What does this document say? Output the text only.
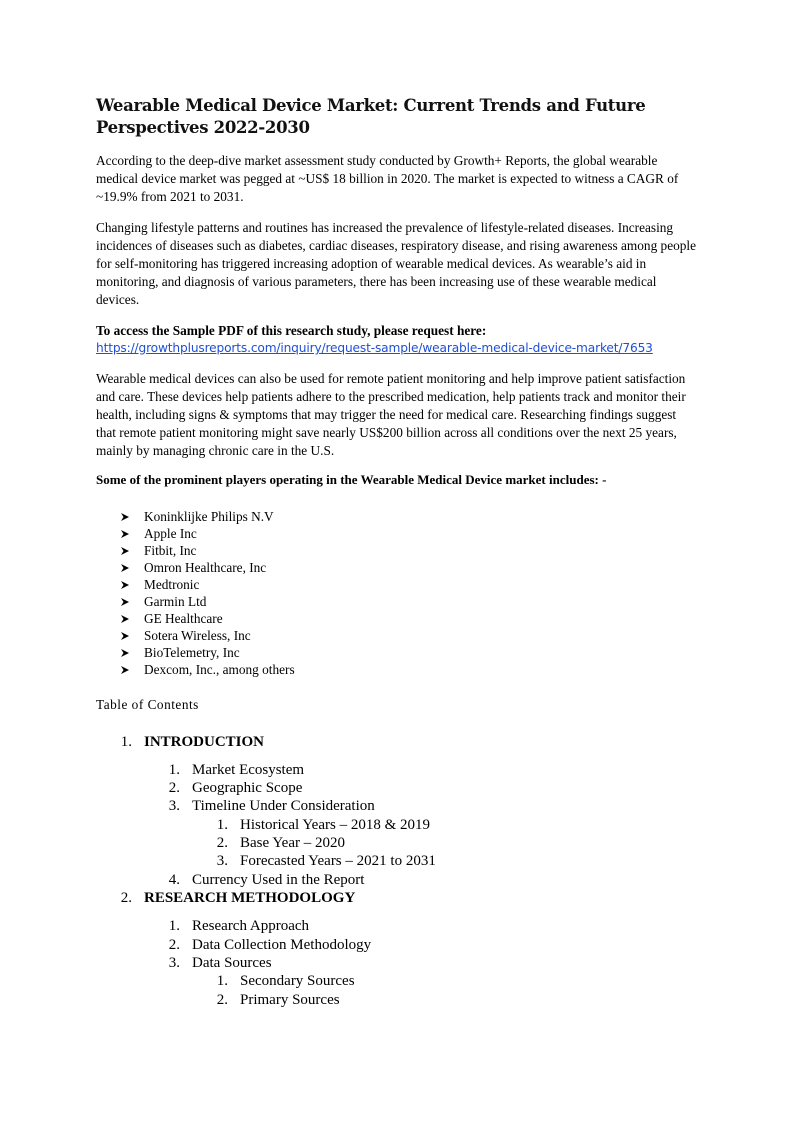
Wearable Medical Device Market: Current Trends and Future Perspectives 2022-2030

According to the deep-dive market assessment study conducted by Growth+ Reports, the global wearable medical device market was pegged at ~US$ 18 billion in 2020. The market is expected to witness a CAGR of ~19.9% from 2021 to 2031.

Changing lifestyle patterns and routines has increased the prevalence of lifestyle-related diseases. Increasing incidences of diseases such as diabetes, cardiac diseases, respiratory disease, and rising awareness among people for self-monitoring has triggered increasing adoption of wearable medical devices. As wearable’s aid in monitoring, and diagnosis of various parameters, there has been increasing use of these wearable medical devices.

To access the Sample PDF of this research study, please request here:

https://growthplusreports.com/inquiry/request-sample/wearable-medical-device-market/7653

Wearable medical devices can also be used for remote patient monitoring and help improve patient satisfaction and care. These devices help patients adhere to the prescribed medication, help patients track and monitor their health, including signs & symptoms that may trigger the need for medical care. Researching findings suggest that remote patient monitoring might save nearly US$200 billion across all conditions over the next 25 years, mainly by managing chronic care in the U.S.

Some of the prominent players operating in the Wearable Medical Device market includes: -

Koninklijke Philips N.V
Apple Inc
Fitbit, Inc
Omron Healthcare, Inc
Medtronic
Garmin Ltd
GE Healthcare
Sotera Wireless, Inc
BioTelemetry, Inc
Dexcom, Inc., among others
Table of Contents
1. INTRODUCTION
1. Market Ecosystem
2. Geographic Scope
3. Timeline Under Consideration
1. Historical Years – 2018 & 2019
2. Base Year – 2020
3. Forecasted Years – 2021 to 2031
4. Currency Used in the Report
2. RESEARCH METHODOLOGY
1. Research Approach
2. Data Collection Methodology
3. Data Sources
1. Secondary Sources
2. Primary Sources
